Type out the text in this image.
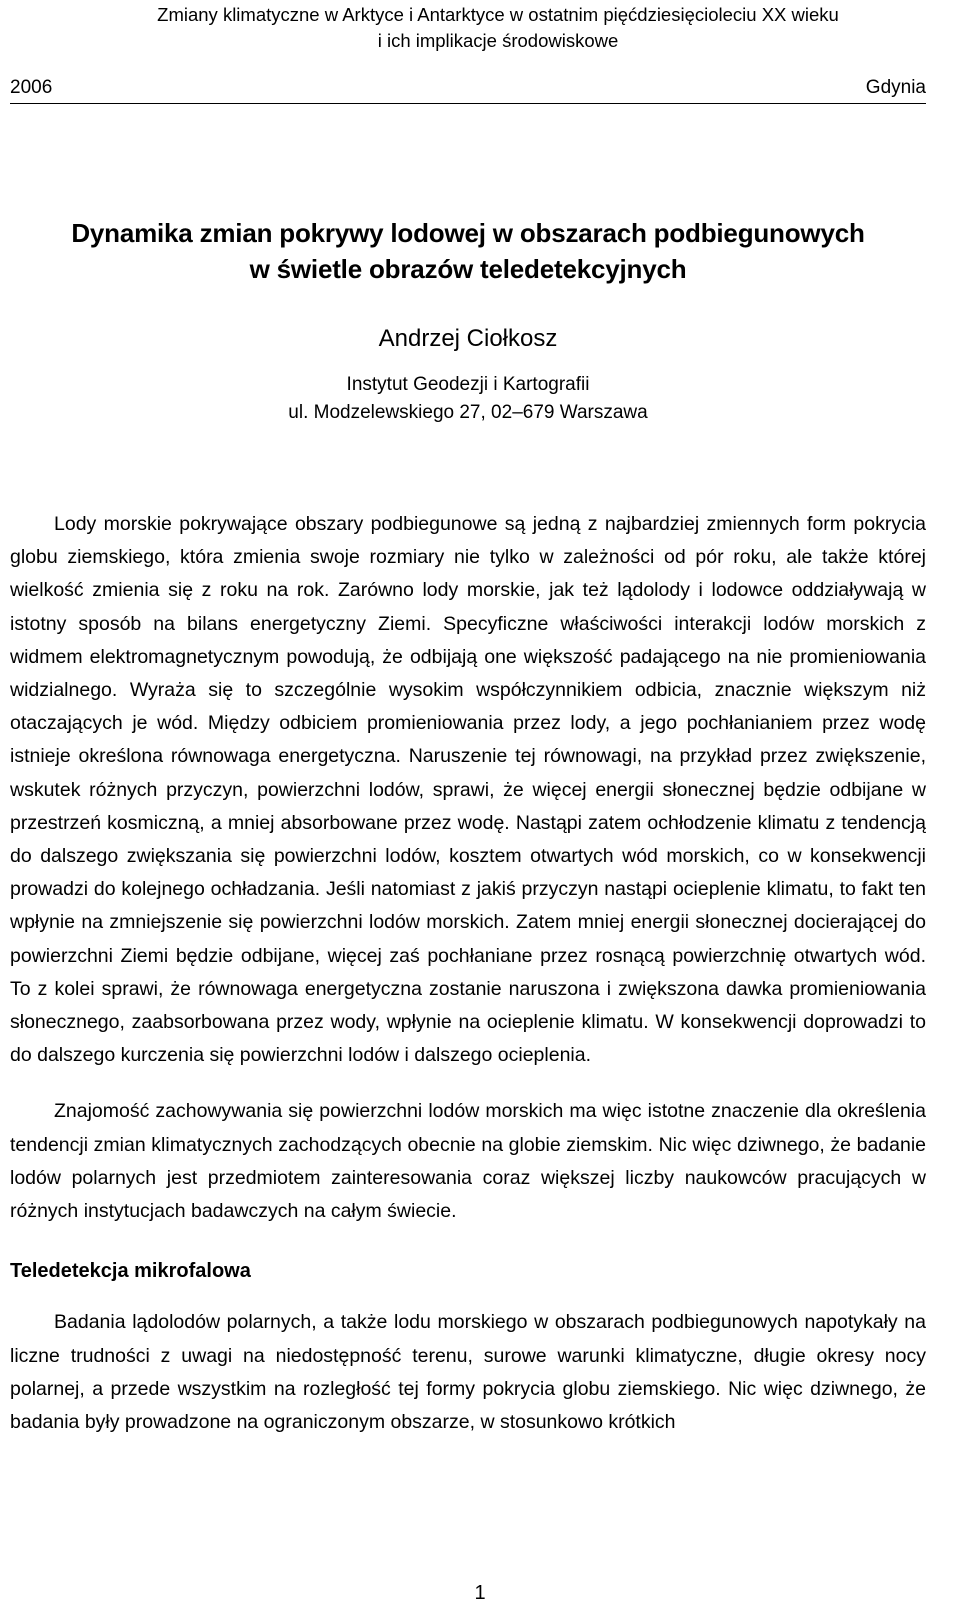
Zmiany klimatyczne w Arktyce i Antarktyce w ostatnim pięćdziesięcioleciu XX wieku
i ich implikacje środowiskowe
2006	Gdynia
Dynamika zmian pokrywy lodowej w obszarach podbiegunowych
w świetle obrazów teledetekcyjnych
Andrzej Ciołkosz
Instytut Geodezji i Kartografii
ul. Modzelewskiego 27, 02–679 Warszawa

Lody morskie pokrywające obszary podbiegunowe są jedną z najbardziej zmiennych form pokrycia globu ziemskiego, która zmienia swoje rozmiary nie tylko w zależności od pór roku, ale także której wielkość zmienia się z roku na rok. Zarówno lody morskie, jak też lądolody i lodowce oddziaływają w istotny sposób na bilans energetyczny Ziemi. Specyficzne właściwości interakcji lodów morskich z widmem elektromagnetycznym powodują, że odbijają one większość padającego na nie promieniowania widzialnego. Wyraża się to szczególnie wysokim współczynnikiem odbicia, znacznie większym niż otaczających je wód. Między odbiciem promieniowania przez lody, a jego pochłanianiem przez wodę istnieje określona równowaga energetyczna. Naruszenie tej równowagi, na przykład przez zwiększenie, wskutek różnych przyczyn, powierzchni lodów, sprawi, że więcej energii słonecznej będzie odbijane w przestrzeń kosmiczną, a mniej absorbowane przez wodę. Nastąpi zatem ochłodzenie klimatu z tendencją do dalszego zwiększania się powierzchni lodów, kosztem otwartych wód morskich, co w konsekwencji prowadzi do kolejnego ochładzania. Jeśli natomiast z jakiś przyczyn nastąpi ocieplenie klimatu, to fakt ten wpłynie na zmniejszenie się powierzchni lodów morskich. Zatem mniej energii słonecznej docierającej do powierzchni Ziemi będzie odbijane, więcej zaś pochłaniane przez rosnącą powierzchnię otwartych wód. To z kolei sprawi, że równowaga energetyczna zostanie naruszona i zwiększona dawka promieniowania słonecznego, zaabsorbowana przez wody, wpłynie na ocieplenie klimatu. W konsekwencji doprowadzi to do dalszego kurczenia się powierzchni lodów i dalszego ocieplenia.

Znajomość zachowywania się powierzchni lodów morskich ma więc istotne znaczenie dla określenia tendencji zmian klimatycznych zachodzących obecnie na globie ziemskim. Nic więc dziwnego, że badanie lodów polarnych jest przedmiotem zainteresowania coraz większej liczby naukowców pracujących w różnych instytucjach badawczych na całym świecie.

Teledetekcja mikrofalowa

Badania lądolodów polarnych, a także lodu morskiego w obszarach podbiegunowych napotykały na liczne trudności z uwagi na niedostępność terenu, surowe warunki klimatyczne, długie okresy nocy polarnej, a przede wszystkim na rozległość tej formy pokrycia globu ziemskiego. Nic więc dziwnego, że badania były prowadzone na ograniczonym obszarze, w stosunkowo krótkich

1
